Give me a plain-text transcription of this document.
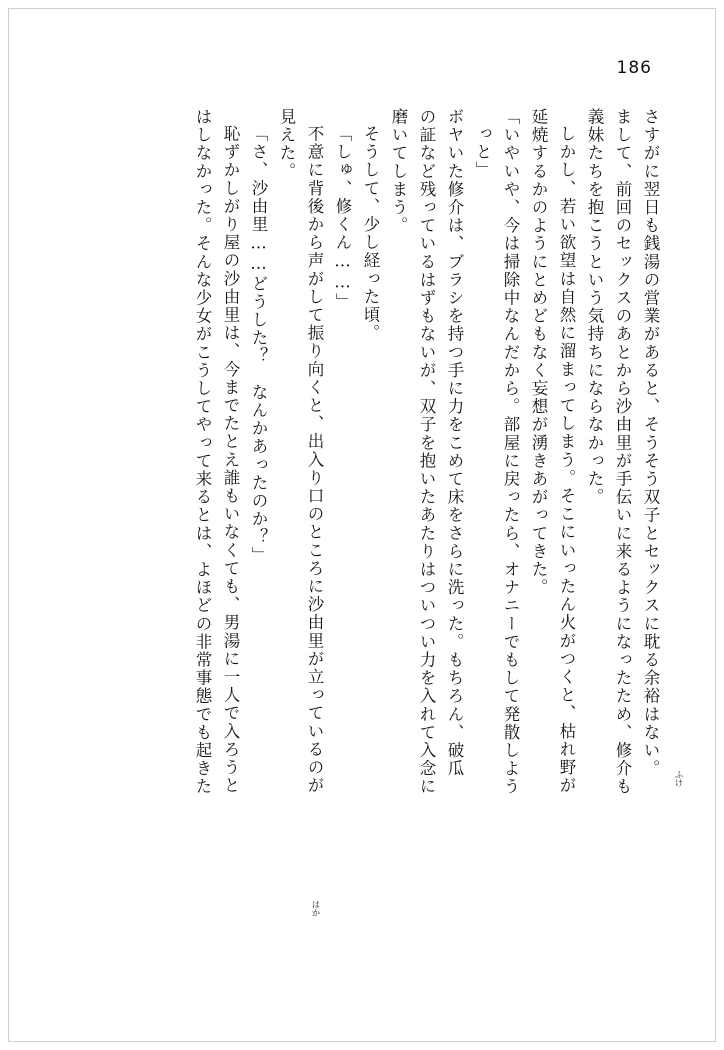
186
さすがに翌日も銭湯の営業があると、そうそう双子とセックスに耽る余裕はない。
まして、前回のセックスのあとから沙由里が手伝いに来るようになったため、修介も
義妹たちを抱こうという気持ちにならなかった。
しかし、若い欲望は自然に溜まってしまう。そこにいったん火がつくと、枯れ野が
延焼するかのようにとめどもなく妄想が湧きあがってきた。
「いやいや、今は掃除中なんだから。部屋に戻ったら、オナニーでもして発散しよう
っと」
ボヤいた修介は、ブラシを持つ手に力をこめて床をさらに洗った。もちろん、破瓜
の証など残っているはずもないが、双子を抱いたあたりはついつい力を入れて入念に
磨いてしまう。
そうして、少し経った頃。
「しゅ、修くん……」
不意に背後から声がして振り向くと、出入り口のところに沙由里が立っているのが
見えた。
「さ、沙由里……どうした？　なんかあったのか？」
恥ずかしがり屋の沙由里は、今までたとえ誰もいなくても、男湯に一人で入ろうと
はしなかった。そんな少女がこうしてやって来るとは、よほどの非常事態でも起きた	ふけ
はか
